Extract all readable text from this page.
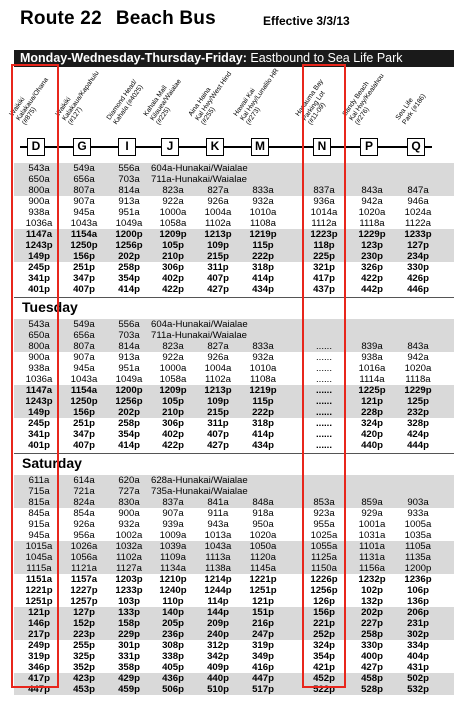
Route 22 Beach Bus	Effective 3/3/13
Monday-Wednesday-Thursday-Friday: Eastbound to Sea Life Park
Waikiki
Kalakaua/Ohana
(#875)	Waikiki
Kalakaua/Kapahulu
(#127)	Diamond Head/
Kahala (#4025)
Kahala Mall
Kilauea/Waialae
(#225)	Aina Haina
Kal Hwy/West Hind
(#255)	Hawaii Kai
Kal Hwy/Lunalilo HR
(#273)	Hanauma Bay
Parking Lot
(#11-09)	Sandy Beach
Kal Hwy/Kealahou
(#276)	Sea Life
Park (#186)
D	G	I	J	K	M	N	P	Q
543a	549a	556a	604a-Hunakai/Waialae
650a	656a	703a	711a-Hunakai/Waialae
800a	807a	814a	823a	827a	833a	837a	843a	847a
900a	907a	913a	922a	926a	932a	936a	942a	946a
938a	945a	951a	1000a	1004a	1010a	1014a	1020a	1024a
1036a	1043a	1049a	1058a	1102a	1108a	1112a	1118a	1122a
1147a	1154a	1200p	1209p	1213p	1219p	1223p	1229p	1233p
1243p	1250p	1256p	105p	109p	115p	118p	123p	127p
149p	156p	202p	210p	215p	222p	225p	230p	234p
245p	251p	258p	306p	311p	318p	321p	326p	330p
341p	347p	354p	402p	407p	414p	417p	422p	426p
401p	407p	414p	422p	427p	434p	437p	442p	446p
Tuesday
543a	549a	556a	604a-Hunakai/Waialae
650a	656a	703a	711a-Hunakai/Waialae
800a	807a	814a	823a	827a	833a	......	839a	843a
900a	907a	913a	922a	926a	932a	......	938a	942a
938a	945a	951a	1000a	1004a	1010a	......	1016a	1020a
1036a	1043a	1049a	1058a	1102a	1108a	......	1114a	1118a
1147a	1154a	1200p	1209p	1213p	1219p	......	1225p	1229p
1243p	1250p	1256p	105p	109p	115p	......	121p	125p
149p	156p	202p	210p	215p	222p	......	228p	232p
245p	251p	258p	306p	311p	318p	......	324p	328p
341p	347p	354p	402p	407p	414p	......	420p	424p
401p	407p	414p	422p	427p	434p	......	440p	444p
Saturday
611a	614a	620a	628a-Hunakai/Waialae
715a	721a	727a	735a-Hunakai/Waialae
815a	824a	830a	837a	841a	848a	853a	859a	903a
845a	854a	900a	907a	911a	918a	923a	929a	933a
915a	926a	932a	939a	943a	950a	955a	1001a	1005a
945a	956a	1002a	1009a	1013a	1020a	1025a	1031a	1035a
1015a	1026a	1032a	1039a	1043a	1050a	1055a	1101a	1105a
1045a	1056a	1102a	1109a	1113a	1120a	1125a	1131a	1135a
1115a	1121a	1127a	1134a	1138a	1145a	1150a	1156a	1200p
1151a	1157a	1203p	1210p	1214p	1221p	1226p	1232p	1236p
1221p	1227p	1233p	1240p	1244p	1251p	1256p	102p	106p
1251p	1257p	103p	110p	114p	121p	126p	132p	136p
121p	127p	133p	140p	144p	151p	156p	202p	206p
146p	152p	158p	205p	209p	216p	221p	227p	231p
217p	223p	229p	236p	240p	247p	252p	258p	302p
249p	255p	301p	308p	312p	319p	324p	330p	334p
319p	325p	331p	338p	342p	349p	354p	400p	404p
346p	352p	358p	405p	409p	416p	421p	427p	431p
417p	423p	429p	436p	440p	447p	452p	458p	502p
447p	453p	459p	506p	510p	517p	522p	528p	532p
